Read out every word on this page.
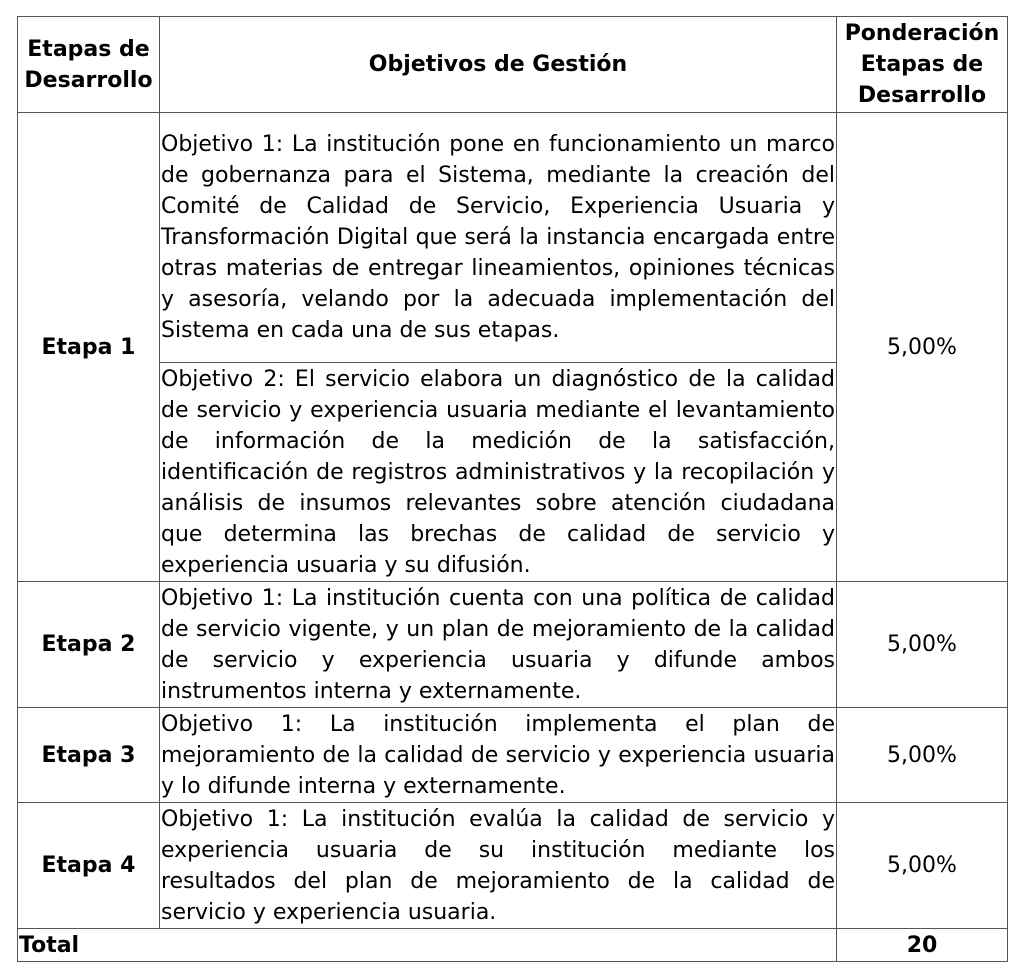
Etapas de Desarrollo	Objetivos de Gestión	Ponderación Etapas de Desarrollo
Etapa 1	Objetivo 1: La institución pone en funcionamiento un marco de gobernanza para el Sistema, mediante la creación del Comité de Calidad de Servicio, Experiencia Usuaria y Transformación Digital que será la instancia encargada entre otras materias de entregar lineamientos, opiniones técnicas y asesoría, velando por la adecuada implementación del Sistema en cada una de sus etapas.	5,00%
	Objetivo 2: El servicio elabora un diagnóstico de la calidad de servicio y experiencia usuaria mediante el levantamiento de información de la medición de la satisfacción, identificación de registros administrativos y la recopilación y análisis de insumos relevantes sobre atención ciudadana que determina las brechas de calidad de servicio y experiencia usuaria y su difusión.	
Etapa 2	Objetivo 1: La institución cuenta con una política de calidad de servicio vigente, y un plan de mejoramiento de la calidad de servicio y experiencia usuaria y difunde ambos instrumentos interna y externamente.	5,00%
Etapa 3	Objetivo 1: La institución implementa el plan de mejoramiento de la calidad de servicio y experiencia usuaria y lo difunde interna y externamente.	5,00%
Etapa 4	Objetivo 1: La institución evalúa la calidad de servicio y experiencia usuaria de su institución mediante los resultados del plan de mejoramiento de la calidad de servicio y experiencia usuaria.	5,00%
Total		20
